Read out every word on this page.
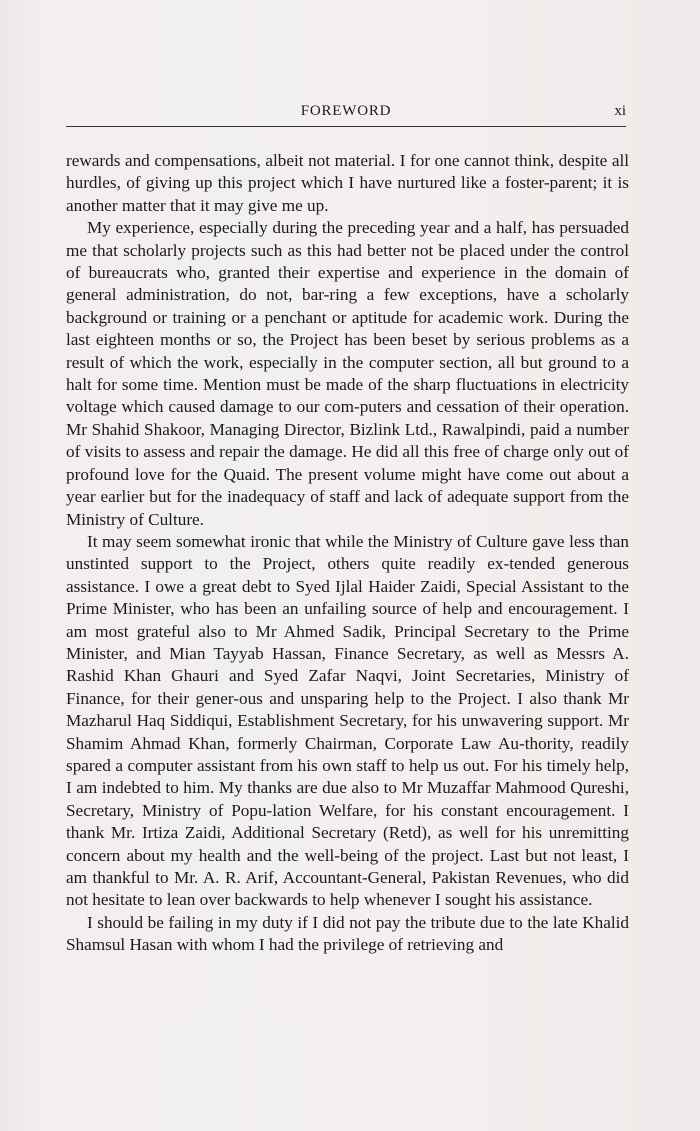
FOREWORD	xi

rewards and compensations, albeit not material. I for one cannot think, despite all hurdles, of giving up this project which I have nurtured like a foster-parent; it is another matter that it may give me up.

My experience, especially during the preceding year and a half, has persuaded me that scholarly projects such as this had better not be placed under the control of bureaucrats who, granted their expertise and experience in the domain of general administration, do not, bar-ring a few exceptions, have a scholarly background or training or a penchant or aptitude for academic work. During the last eighteen months or so, the Project has been beset by serious problems as a result of which the work, especially in the computer section, all but ground to a halt for some time. Mention must be made of the sharp fluctuations in electricity voltage which caused damage to our com-puters and cessation of their operation. Mr Shahid Shakoor, Managing Director, Bizlink Ltd., Rawalpindi, paid a number of visits to assess and repair the damage. He did all this free of charge only out of profound love for the Quaid. The present volume might have come out about a year earlier but for the inadequacy of staff and lack of adequate support from the Ministry of Culture.

It may seem somewhat ironic that while the Ministry of Culture gave less than unstinted support to the Project, others quite readily ex-tended generous assistance. I owe a great debt to Syed Ijlal Haider Zaidi, Special Assistant to the Prime Minister, who has been an unfailing source of help and encouragement. I am most grateful also to Mr Ahmed Sadik, Principal Secretary to the Prime Minister, and Mian Tayyab Hassan, Finance Secretary, as well as Messrs A. Rashid Khan Ghauri and Syed Zafar Naqvi, Joint Secretaries, Ministry of Finance, for their gener-ous and unsparing help to the Project. I also thank Mr Mazharul Haq Siddiqui, Establishment Secretary, for his unwavering support. Mr Shamim Ahmad Khan, formerly Chairman, Corporate Law Au-thority, readily spared a computer assistant from his own staff to help us out. For his timely help, I am indebted to him. My thanks are due also to Mr Muzaffar Mahmood Qureshi, Secretary, Ministry of Popu-lation Welfare, for his constant encouragement. I thank Mr. Irtiza Zaidi, Additional Secretary (Retd), as well for his unremitting concern about my health and the well-being of the project. Last but not least, I am thankful to Mr. A. R. Arif, Accountant-General, Pakistan Revenues, who did not hesitate to lean over backwards to help whenever I sought his assistance.

I should be failing in my duty if I did not pay the tribute due to the late Khalid Shamsul Hasan with whom I had the privilege of retrieving and
